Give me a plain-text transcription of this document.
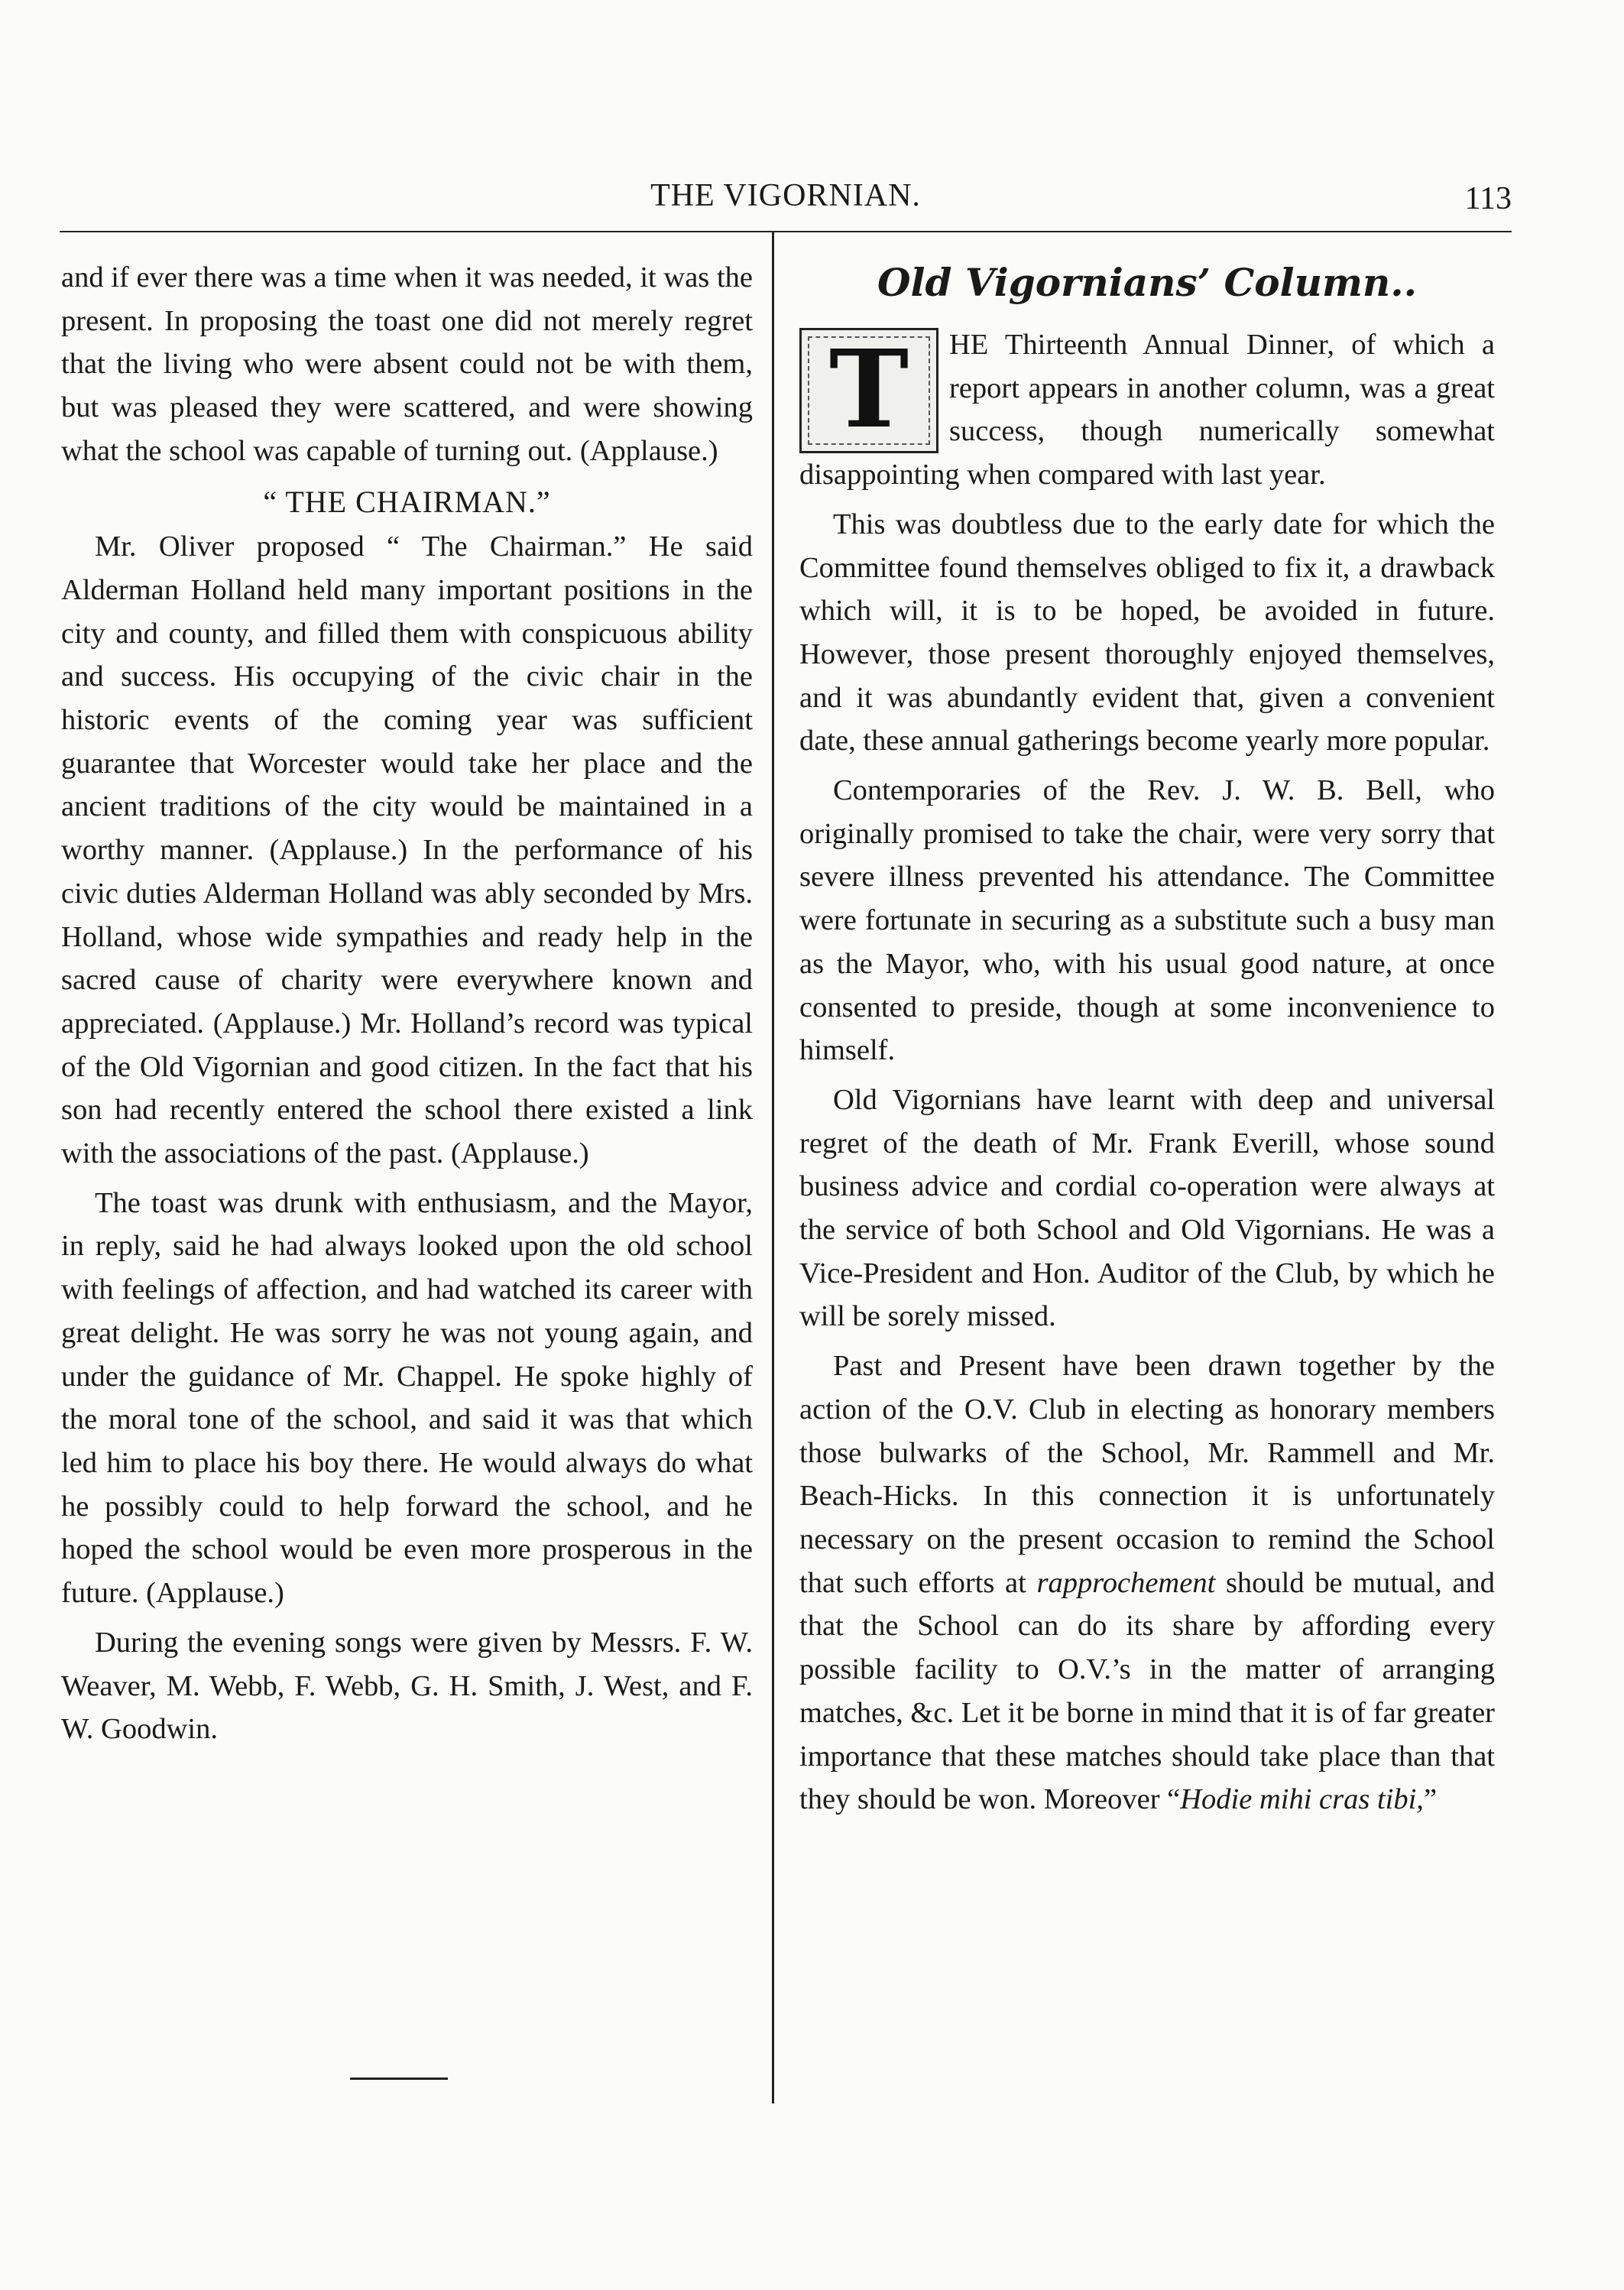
THE VIGORNIAN.	113

and if ever there was a time when it was needed, it was the present. In proposing the toast one did not merely regret that the living who were absent could not be with them, but was pleased they were scattered, and were showing what the school was capable of turning out. (Applause.)

“ THE CHAIRMAN.”

Mr. Oliver proposed “ The Chairman.” He said Alderman Holland held many important positions in the city and county, and filled them with conspicuous ability and success. His occupying of the civic chair in the historic events of the coming year was sufficient guarantee that Worcester would take her place and the ancient traditions of the city would be maintained in a worthy manner. (Applause.) In the performance of his civic duties Alderman Holland was ably seconded by Mrs. Holland, whose wide sympathies and ready help in the sacred cause of charity were everywhere known and appreciated. (Applause.) Mr. Holland’s record was typical of the Old Vigornian and good citizen. In the fact that his son had recently entered the school there existed a link with the associations of the past. (Applause.)

The toast was drunk with enthusiasm, and the Mayor, in reply, said he had always looked upon the old school with feelings of affection, and had watched its career with great delight. He was sorry he was not young again, and under the guidance of Mr. Chappel. He spoke highly of the moral tone of the school, and said it was that which led him to place his boy there. He would always do what he possibly could to help forward the school, and he hoped the school would be even more prosperous in the future. (Applause.)

During the evening songs were given by Messrs. F. W. Weaver, M. Webb, F. Webb, G. H. Smith, J. West, and F. W. Goodwin.

Old Vigornians’ Column..
T	HE Thirteenth Annual Dinner, of which a report appears in another column, was a great success, though numerically somewhat disappointing when compared with last year.

This was doubtless due to the early date for which the Committee found themselves obliged to fix it, a drawback which will, it is to be hoped, be avoided in future. However, those present thoroughly enjoyed themselves, and it was abundantly evident that, given a convenient date, these annual gatherings become yearly more popular.

Contemporaries of the Rev. J. W. B. Bell, who originally promised to take the chair, were very sorry that severe illness prevented his attendance. The Committee were fortunate in securing as a substitute such a busy man as the Mayor, who, with his usual good nature, at once consented to preside, though at some inconvenience to himself.

Old Vigornians have learnt with deep and universal regret of the death of Mr. Frank Everill, whose sound business advice and cordial co-operation were always at the service of both School and Old Vigornians. He was a Vice-President and Hon. Auditor of the Club, by which he will be sorely missed.

Past and Present have been drawn together by the action of the O.V. Club in electing as honorary members those bulwarks of the School, Mr. Rammell and Mr. Beach-Hicks. In this connection it is unfortunately necessary on the present occasion to remind the School that such efforts at rapprochement should be mutual, and that the School can do its share by affording every possible facility to O.V.’s in the matter of arranging matches, &c. Let it be borne in mind that it is of far greater importance that these matches should take place than that they should be won. Moreover “Hodie mihi cras tibi,”
